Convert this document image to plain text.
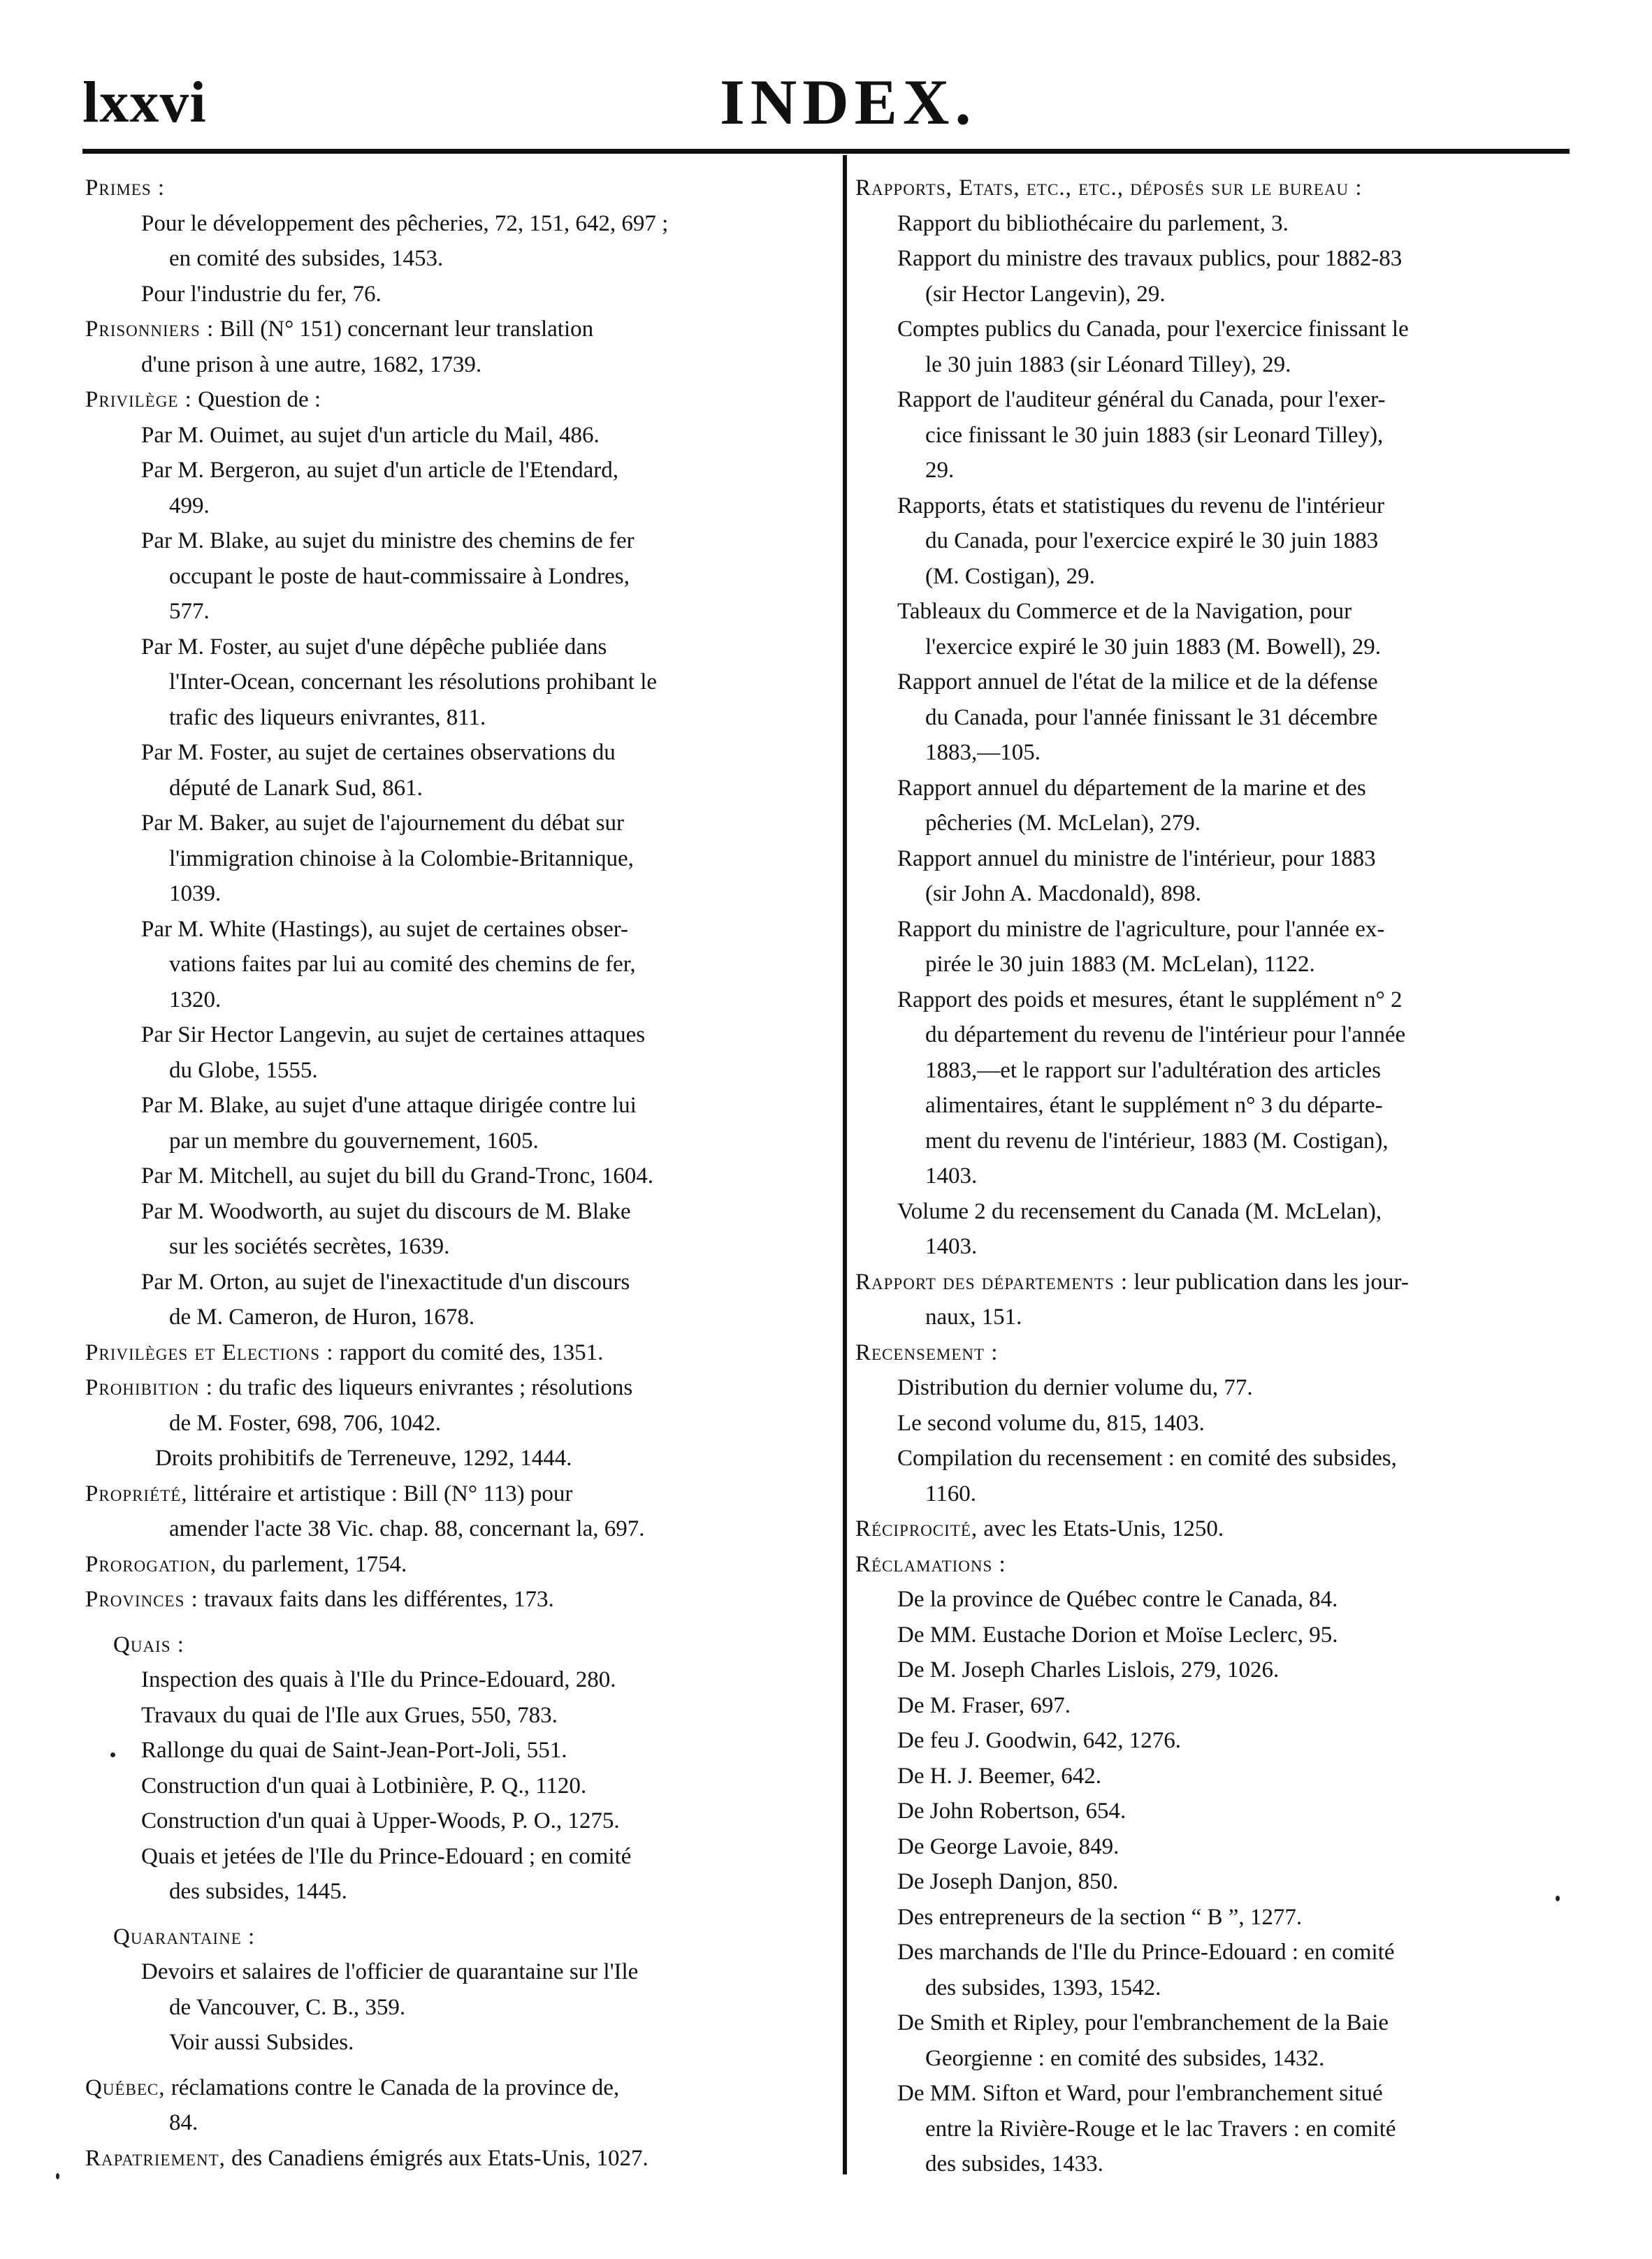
lxxvi	INDEX.
Primes :
Pour le développement des pêcheries, 72, 151, 642, 697 ;
en comité des subsides, 1453.
Pour l'industrie du fer, 76.
Prisonniers : Bill (N° 151) concernant leur translation
d'une prison à une autre, 1682, 1739.
Privilège : Question de :
Par M. Ouimet, au sujet d'un article du Mail, 486.
Par M. Bergeron, au sujet d'un article de l'Etendard,
499.
Par M. Blake, au sujet du ministre des chemins de fer
occupant le poste de haut-commissaire à Londres,
577.
Par M. Foster, au sujet d'une dépêche publiée dans
l'Inter-Ocean, concernant les résolutions prohibant le
trafic des liqueurs enivrantes, 811.
Par M. Foster, au sujet de certaines observations du
député de Lanark Sud, 861.
Par M. Baker, au sujet de l'ajournement du débat sur
l'immigration chinoise à la Colombie-Britannique,
1039.
Par M. White (Hastings), au sujet de certaines obser-
vations faites par lui au comité des chemins de fer,
1320.
Par Sir Hector Langevin, au sujet de certaines attaques
du Globe, 1555.
Par M. Blake, au sujet d'une attaque dirigée contre lui
par un membre du gouvernement, 1605.
Par M. Mitchell, au sujet du bill du Grand-Tronc, 1604.
Par M. Woodworth, au sujet du discours de M. Blake
sur les sociétés secrètes, 1639.
Par M. Orton, au sujet de l'inexactitude d'un discours
de M. Cameron, de Huron, 1678.
Privilèges et Elections : rapport du comité des, 1351.
Prohibition : du trafic des liqueurs enivrantes ; résolutions
de M. Foster, 698, 706, 1042.
Droits prohibitifs de Terreneuve, 1292, 1444.
Propriété, littéraire et artistique : Bill (N° 113) pour
amender l'acte 38 Vic. chap. 88, concernant la, 697.
Prorogation, du parlement, 1754.
Provinces : travaux faits dans les différentes, 173.
Quais :
Inspection des quais à l'Ile du Prince-Edouard, 280.
Travaux du quai de l'Ile aux Grues, 550, 783.
Rallonge du quai de Saint-Jean-Port-Joli, 551.
Construction d'un quai à Lotbinière, P. Q., 1120.
Construction d'un quai à Upper-Woods, P. O., 1275.
Quais et jetées de l'Ile du Prince-Edouard ; en comité
des subsides, 1445.
Quarantaine :
Devoirs et salaires de l'officier de quarantaine sur l'Ile
de Vancouver, C. B., 359.
Voir aussi Subsides.
Québec, réclamations contre le Canada de la province de,
84.
Rapatriement, des Canadiens émigrés aux Etats-Unis, 1027.
Rapports, Etats, etc., etc., déposés sur le bureau :
Rapport du bibliothécaire du parlement, 3.
Rapport du ministre des travaux publics, pour 1882-83
(sir Hector Langevin), 29.
Comptes publics du Canada, pour l'exercice finissant le
le 30 juin 1883 (sir Léonard Tilley), 29.
Rapport de l'auditeur général du Canada, pour l'exer-
cice finissant le 30 juin 1883 (sir Leonard Tilley),
29.
Rapports, états et statistiques du revenu de l'intérieur
du Canada, pour l'exercice expiré le 30 juin 1883
(M. Costigan), 29.
Tableaux du Commerce et de la Navigation, pour
l'exercice expiré le 30 juin 1883 (M. Bowell), 29.
Rapport annuel de l'état de la milice et de la défense
du Canada, pour l'année finissant le 31 décembre
1883,—105.
Rapport annuel du département de la marine et des
pêcheries (M. McLelan), 279.
Rapport annuel du ministre de l'intérieur, pour 1883
(sir John A. Macdonald), 898.
Rapport du ministre de l'agriculture, pour l'année ex-
pirée le 30 juin 1883 (M. McLelan), 1122.
Rapport des poids et mesures, étant le supplément n° 2
du département du revenu de l'intérieur pour l'année
1883,—et le rapport sur l'adultération des articles
alimentaires, étant le supplément n° 3 du départe-
ment du revenu de l'intérieur, 1883 (M. Costigan),
1403.
Volume 2 du recensement du Canada (M. McLelan),
1403.
Rapport des départements : leur publication dans les jour-
naux, 151.
Recensement :
Distribution du dernier volume du, 77.
Le second volume du, 815, 1403.
Compilation du recensement : en comité des subsides,
1160.
Réciprocité, avec les Etats-Unis, 1250.
Réclamations :
De la province de Québec contre le Canada, 84.
De MM. Eustache Dorion et Moïse Leclerc, 95.
De M. Joseph Charles Lislois, 279, 1026.
De M. Fraser, 697.
De feu J. Goodwin, 642, 1276.
De H. J. Beemer, 642.
De John Robertson, 654.
De George Lavoie, 849.
De Joseph Danjon, 850.
Des entrepreneurs de la section “ B ”, 1277.
Des marchands de l'Ile du Prince-Edouard : en comité
des subsides, 1393, 1542.
De Smith et Ripley, pour l'embranchement de la Baie
Georgienne : en comité des subsides, 1432.
De MM. Sifton et Ward, pour l'embranchement situé
entre la Rivière-Rouge et le lac Travers : en comité
des subsides, 1433.
